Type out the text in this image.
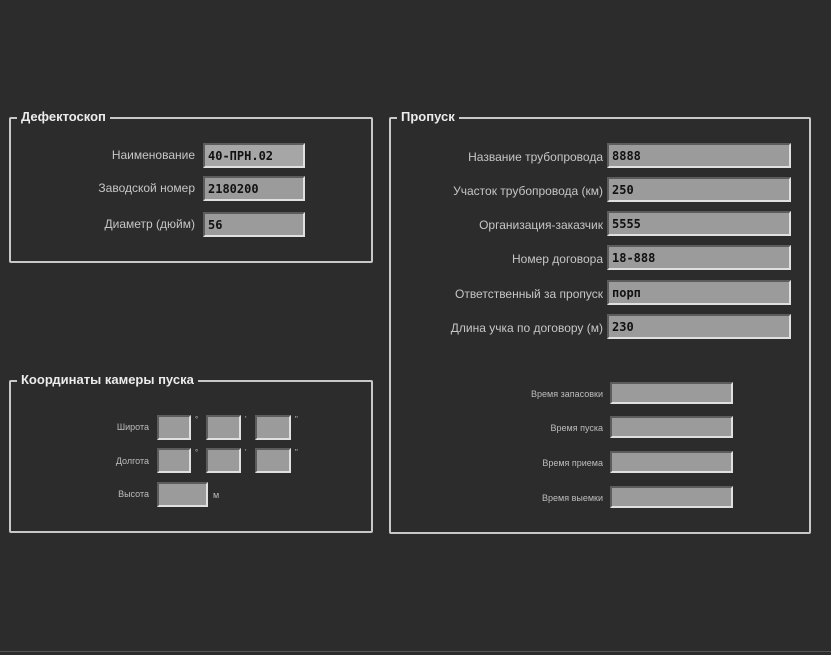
Дефектоскоп
Наименование	40-ПРН.02
Заводской номер	2180200
Диаметр (дюйм)	56
Координаты камеры пуска
Широта
°	'	"
Долгота
°	'	"
Высота	м
Пропуск
Название трубопровода 8888
Участок трубопровода (км) 250
Организация-заказчик 5555
Номер договора 18-888
Ответственный за пропуск порп
Длина учка по договору (м) 230
Время запасовки
Время пуска
Время приема
Время выемки
